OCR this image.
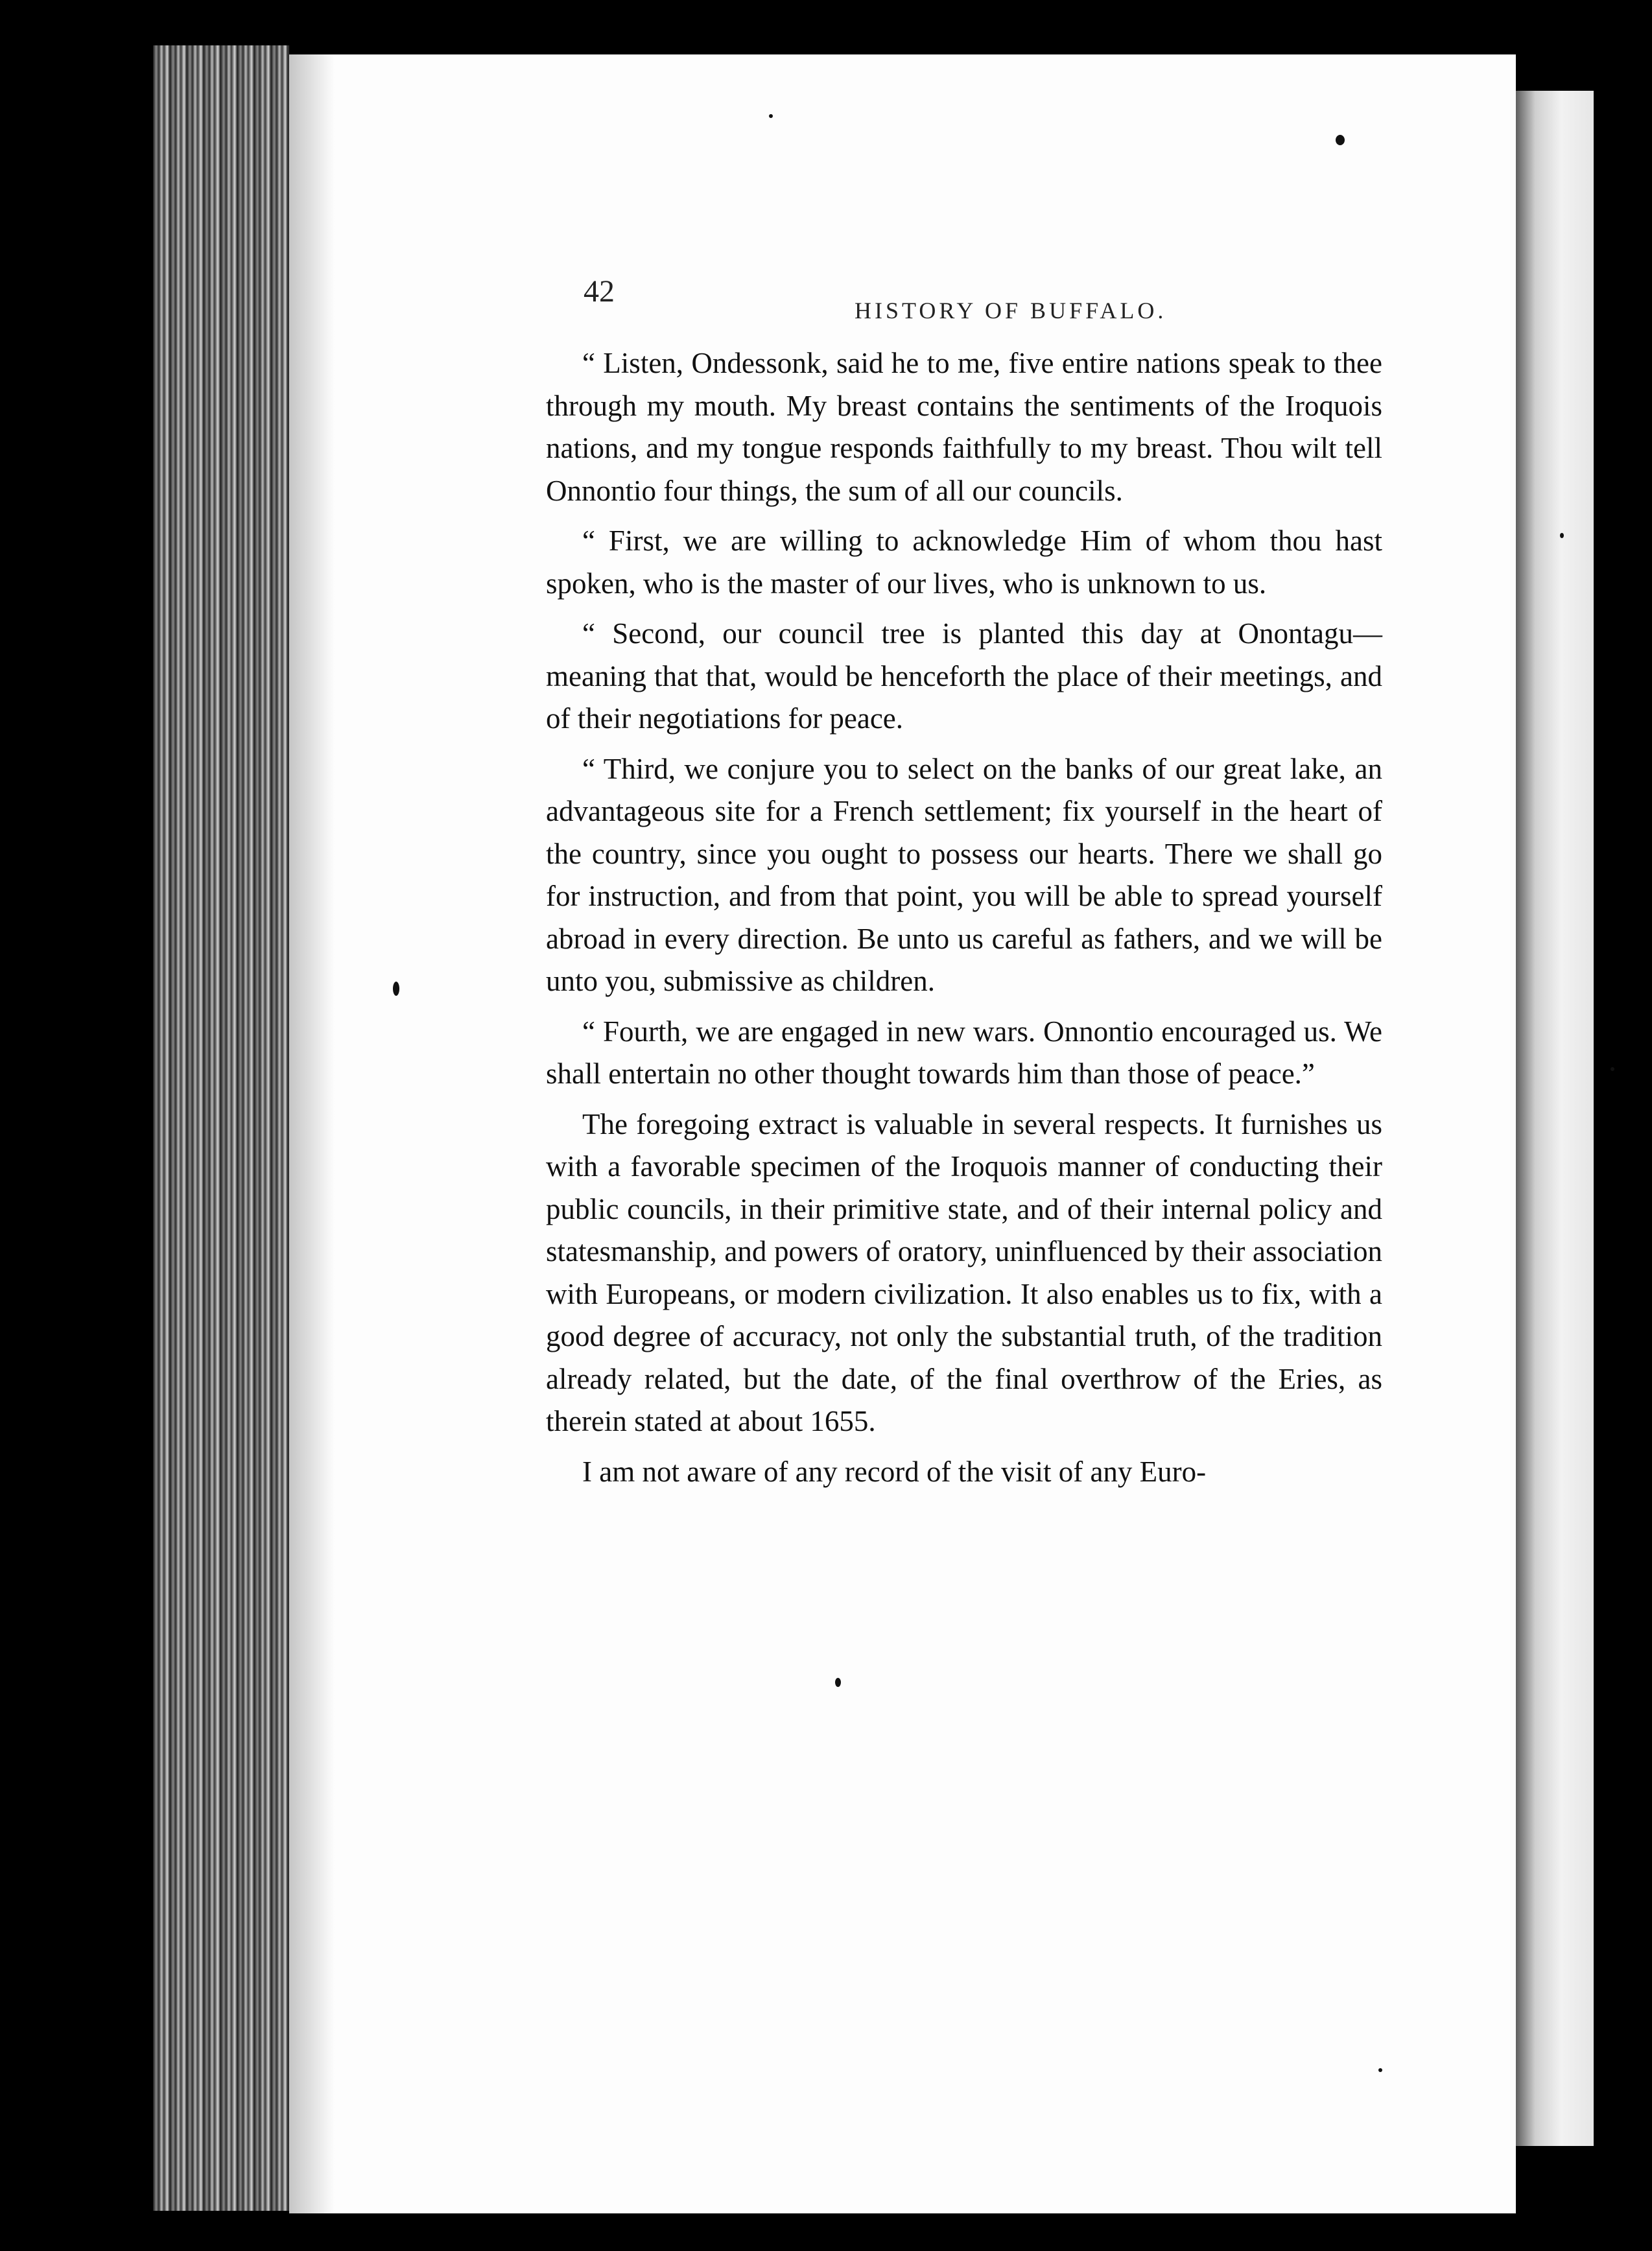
42
HISTORY OF BUFFALO.

“ Listen, Ondessonk, said he to me, five entire nations speak to thee through my mouth. My breast contains the sentiments of the Iroquois nations, and my tongue responds faithfully to my breast. Thou wilt tell Onnontio four things, the sum of all our councils.

“ First, we are willing to acknowledge Him of whom thou hast spoken, who is the master of our lives, who is unknown to us.

“ Second, our council tree is planted this day at Onontagu—meaning that that, would be henceforth the place of their meetings, and of their negotiations for peace.

“ Third, we conjure you to select on the banks of our great lake, an advantageous site for a French settlement; fix yourself in the heart of the country, since you ought to possess our hearts. There we shall go for instruction, and from that point, you will be able to spread yourself abroad in every direction. Be unto us careful as fathers, and we will be unto you, submissive as children.

“ Fourth, we are engaged in new wars. Onnontio encouraged us. We shall entertain no other thought towards him than those of peace.”

The foregoing extract is valuable in several respects. It furnishes us with a favorable specimen of the Iroquois manner of conducting their public councils, in their primitive state, and of their internal policy and statesmanship, and powers of oratory, uninfluenced by their association with Europeans, or modern civilization. It also enables us to fix, with a good degree of accuracy, not only the substantial truth, of the tradition already related, but the date, of the final overthrow of the Eries, as therein stated at about 1655.

I am not aware of any record of the visit of any Euro-
